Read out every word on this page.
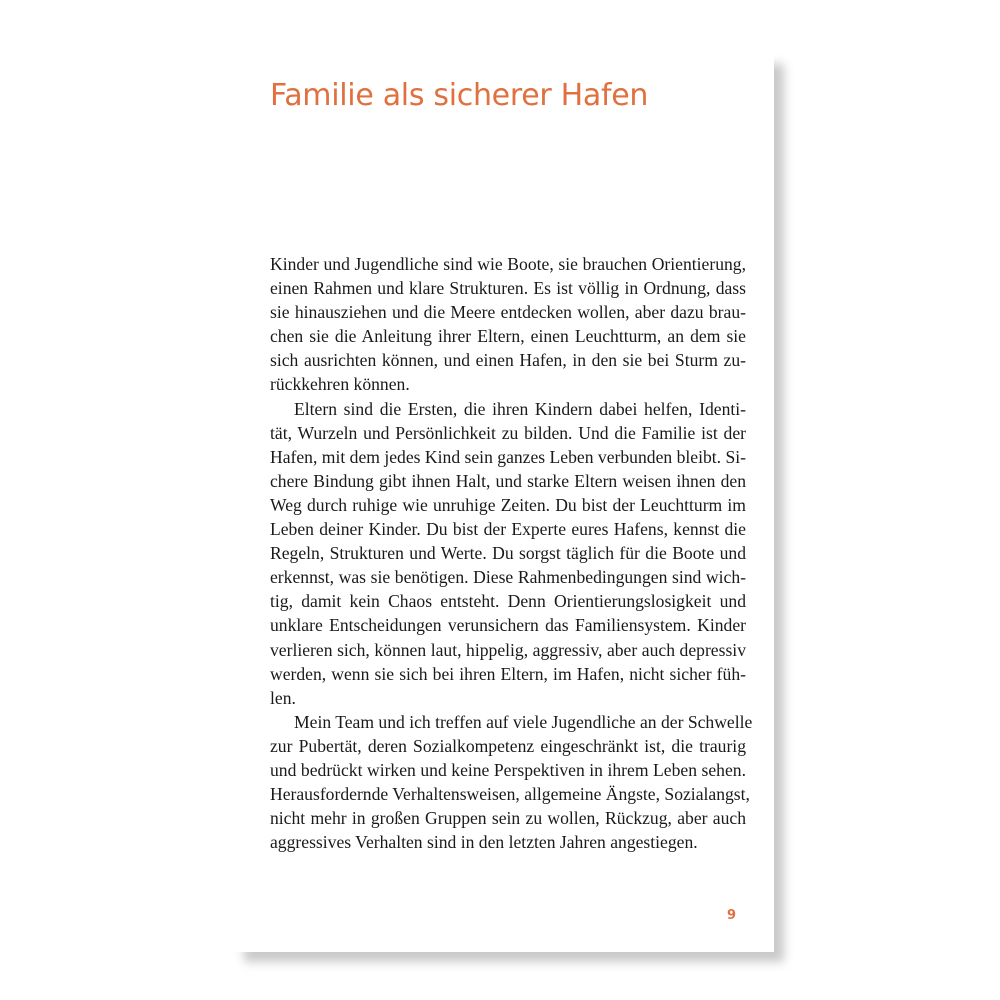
Familie als sicherer Hafen

Kinder und Jugendliche sind wie Boote, sie brauchen Orientierung,
einen Rahmen und klare Strukturen. Es ist völlig in Ordnung, dass
sie hinausziehen und die Meere entdecken wollen, aber dazu brau-
chen sie die Anleitung ihrer Eltern, einen Leuchtturm, an dem sie
sich ausrichten können, und einen Hafen, in den sie bei Sturm zu-
rückkehren können.

Eltern sind die Ersten, die ihren Kindern dabei helfen, Identi-
tät, Wurzeln und Persönlichkeit zu bilden. Und die Familie ist der
Hafen, mit dem jedes Kind sein ganzes Leben verbunden bleibt. Si-
chere Bindung gibt ihnen Halt, und starke Eltern weisen ihnen den
Weg durch ruhige wie unruhige Zeiten. Du bist der Leuchtturm im
Leben deiner Kinder. Du bist der Experte eures Hafens, kennst die
Regeln, Strukturen und Werte. Du sorgst täglich für die Boote und
erkennst, was sie benötigen. Diese Rahmenbedingungen sind wich-
tig, damit kein Chaos entsteht. Denn Orientierungslosigkeit und
unklare Entscheidungen verunsichern das Familiensystem. Kinder
verlieren sich, können laut, hippelig, aggressiv, aber auch depressiv
werden, wenn sie sich bei ihren Eltern, im Hafen, nicht sicher füh-
len.

Mein Team und ich treffen auf viele Jugendliche an der Schwelle
zur Pubertät, deren Sozialkompetenz eingeschränkt ist, die traurig
und bedrückt wirken und keine Perspektiven in ihrem Leben sehen.
Herausfordernde Verhaltensweisen, allgemeine Ängste, Sozialangst,
nicht mehr in großen Gruppen sein zu wollen, Rückzug, aber auch
aggressives Verhalten sind in den letzten Jahren angestiegen.

9
